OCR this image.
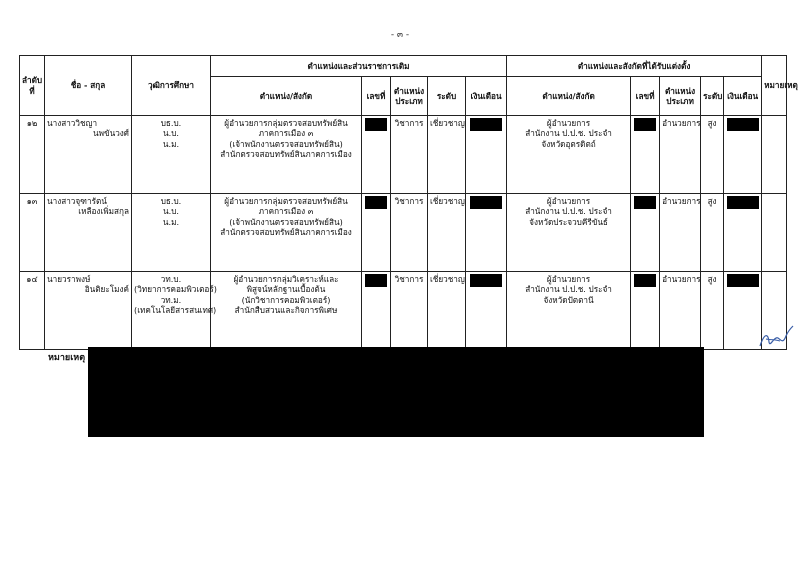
- ๓ -
ลำดับที่	ชื่อ - สกุล	วุฒิการศึกษา	ตำแหน่งและส่วนราชการเดิม					ตำแหน่งและสังกัดที่ได้รับแต่งตั้ง					หมายเหตุ
			ตำแหน่ง/สังกัด	เลขที่	ตำแหน่งประเภท	ระดับ	เงินเดือน	ตำแหน่ง/สังกัด	เลขที่	ตำแหน่งประเภท	ระดับ	เงินเดือน	
๑๒	นางสาววิชญา
นพขันวงศ์	บธ.บ.
น.บ.
น.ม.	ผู้อำนวยการกลุ่มตรวจสอบทรัพย์สิน
ภาคการเมือง ๓
(เจ้าพนักงานตรวจสอบทรัพย์สิน)
สำนักตรวจสอบทรัพย์สินภาคการเมือง		วิชาการ	เชี่ยวชาญ		ผู้อำนวยการ
สำนักงาน ป.ป.ช. ประจำ
จังหวัดอุตรดิตถ์		อำนวยการ	สูง	

๑๓	นางสาวจุฑารัตน์
เหลืองเพิ่มสกุล	บธ.บ.
น.บ.
น.ม.	ผู้อำนวยการกลุ่มตรวจสอบทรัพย์สิน
ภาคการเมือง ๓
(เจ้าพนักงานตรวจสอบทรัพย์สิน)
สำนักตรวจสอบทรัพย์สินภาคการเมือง		วิชาการ	เชี่ยวชาญ		ผู้อำนวยการ
สำนักงาน ป.ป.ช. ประจำ
จังหวัดประจวบคีรีขันธ์		อำนวยการ	สูง	

๑๔	นายวราพงษ์
อินติยะโมงค์	วท.บ.
(วิทยาการคอมพิวเตอร์)
วท.ม.
(เทคโนโลยีสารสนเทศ)	ผู้อำนวยการกลุ่มวิเคราะห์และ
พิสูจน์หลักฐานเบื้องต้น
(นักวิชาการคอมพิวเตอร์)
สำนักสืบสวนและกิจการพิเศษ		วิชาการ	เชี่ยวชาญ		ผู้อำนวยการ
สำนักงาน ป.ป.ช. ประจำ
จังหวัดปัตตานี		อำนวยการ	สูง	

หมายเหตุ
